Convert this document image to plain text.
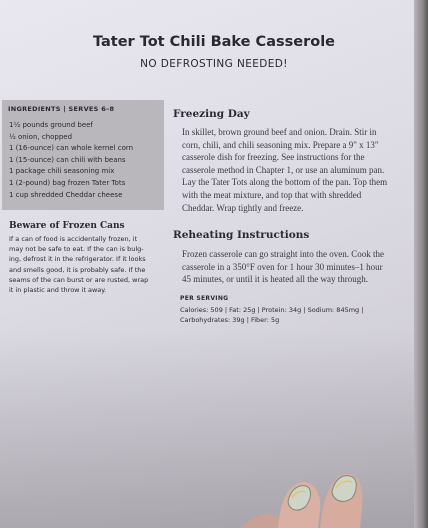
Tater Tot Chili Bake Casserole
NO DEFROSTING NEEDED!
INGREDIENTS | SERVES 6–8
1½ pounds ground beef
½ onion, chopped
1 (16-ounce) can whole kernel corn
1 (15-ounce) can chili with beans
1 package chili seasoning mix
1 (2-pound) bag frozen Tater Tots
1 cup shredded Cheddar cheese
Beware of Frozen Cans
If a can of food is accidentally frozen, it
may not be safe to eat. If the can is bulg-
ing, defrost it in the refrigerator. If it looks
and smells good, it is probably safe. If the
seams of the can burst or are rusted, wrap
it in plastic and throw it away.
Freezing Day
In skillet, brown ground beef and onion. Drain. Stir in
corn, chili, and chili seasoning mix. Prepare a 9" x 13"
casserole dish for freezing. See instructions for the
casserole method in Chapter 1, or use an aluminum pan.
Lay the Tater Tots along the bottom of the pan. Top them
with the meat mixture, and top that with shredded
Cheddar. Wrap tightly and freeze.
Reheating Instructions
Frozen casserole can go straight into the oven. Cook the
casserole in a 350°F oven for 1 hour 30 minutes–1 hour
45 minutes, or until it is heated all the way through.
PER SERVING
Calories: 509 | Fat: 25g | Protein: 34g | Sodium: 845mg |
Carbohydrates: 39g | Fiber: 5g
